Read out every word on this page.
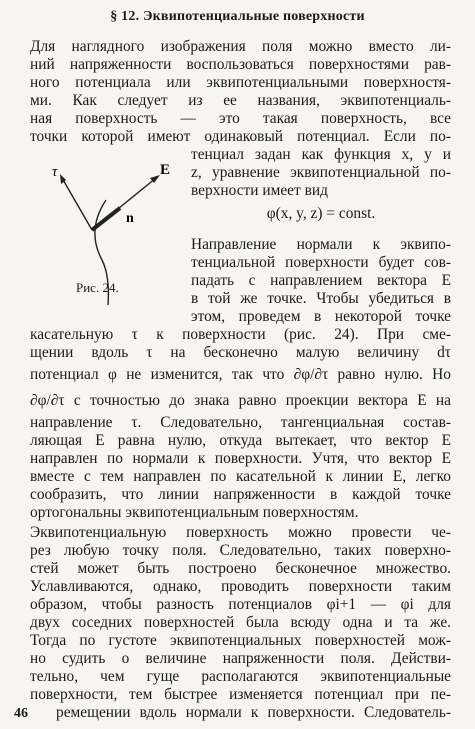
§ 12. Эквипотенциальные поверхности
Для наглядного изображения поля можно вместо ли-
ний напряженности воспользоваться поверхностями рав-
ного потенциала или эквипотенциальными поверхностя-
ми. Как следует из ее названия, эквипотенциаль-
ная поверхность — это такая поверхность, все
точки которой имеют одинаковый потенциал. Если по-
тенциал задан как функция x, y и
z, уравнение эквипотенциальной по-
верхности имеет вид
φ(x, y, z) = const.
Направление нормали к эквипо-
тенциальной поверхности будет сов-
падать с направлением вектора E
в той же точке. Чтобы убедиться в
этом, проведем в некоторой точке
касательную τ к поверхности (рис. 24). При сме-
щении вдоль τ на бесконечно малую величину dτ
потенциал φ не изменится, так что ∂φ/∂τ равно нулю. Но
∂φ/∂τ с точностью до знака равно проекции вектора E на
направление τ. Следовательно, тангенциальная состав-
ляющая E равна нулю, откуда вытекает, что вектор E
направлен по нормали к поверхности. Учтя, что вектор E
вместе с тем направлен по касательной к линии E, легко
сообразить, что линии напряженности в каждой точке
ортогональны эквипотенциальным поверхностям.
Эквипотенциальную поверхность можно провести че-
рез любую точку поля. Следовательно, таких поверхно-
стей может быть построено бесконечное множество.
Уславливаются, однако, проводить поверхности таким
образом, чтобы разность потенциалов φi+1 — φi для
двух соседних поверхностей была всюду одна и та же.
Тогда по густоте эквипотенциальных поверхностей мож-
но судить о величине напряженности поля. Действи-
тельно, чем гуще располагаются эквипотенциальные
поверхности, тем быстрее изменяется потенциал при пе-
ремещении вдоль нормали к поверхности. Следователь-
τ	E
n
Рис. 24.
46
